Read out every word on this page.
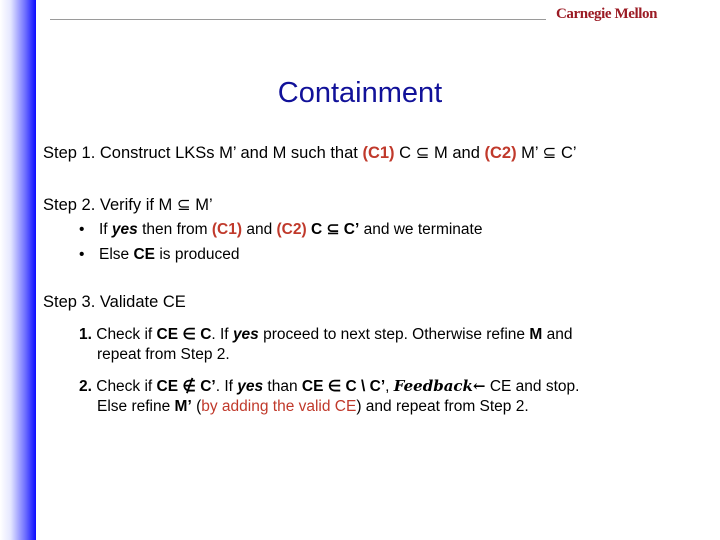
Carnegie Mellon
Containment
Step 1. Construct LKSs M’ and M such that (C1) C ⊆ M and (C2) M’ ⊆ C’
Step 2. Verify if M ⊆ M’
• If yes then from (C1) and (C2) C ⊆ C’ and we terminate
• Else CE is produced
Step 3. Validate CE
1. Check if CE ∈ C. If yes proceed to next step. Otherwise refine M and
repeat from Step 2.
2. Check if CE ∉ C’. If yes than CE ∈ C \ C’, Feedback← CE and stop.
Else refine M’ (by adding the valid CE) and repeat from Step 2.
